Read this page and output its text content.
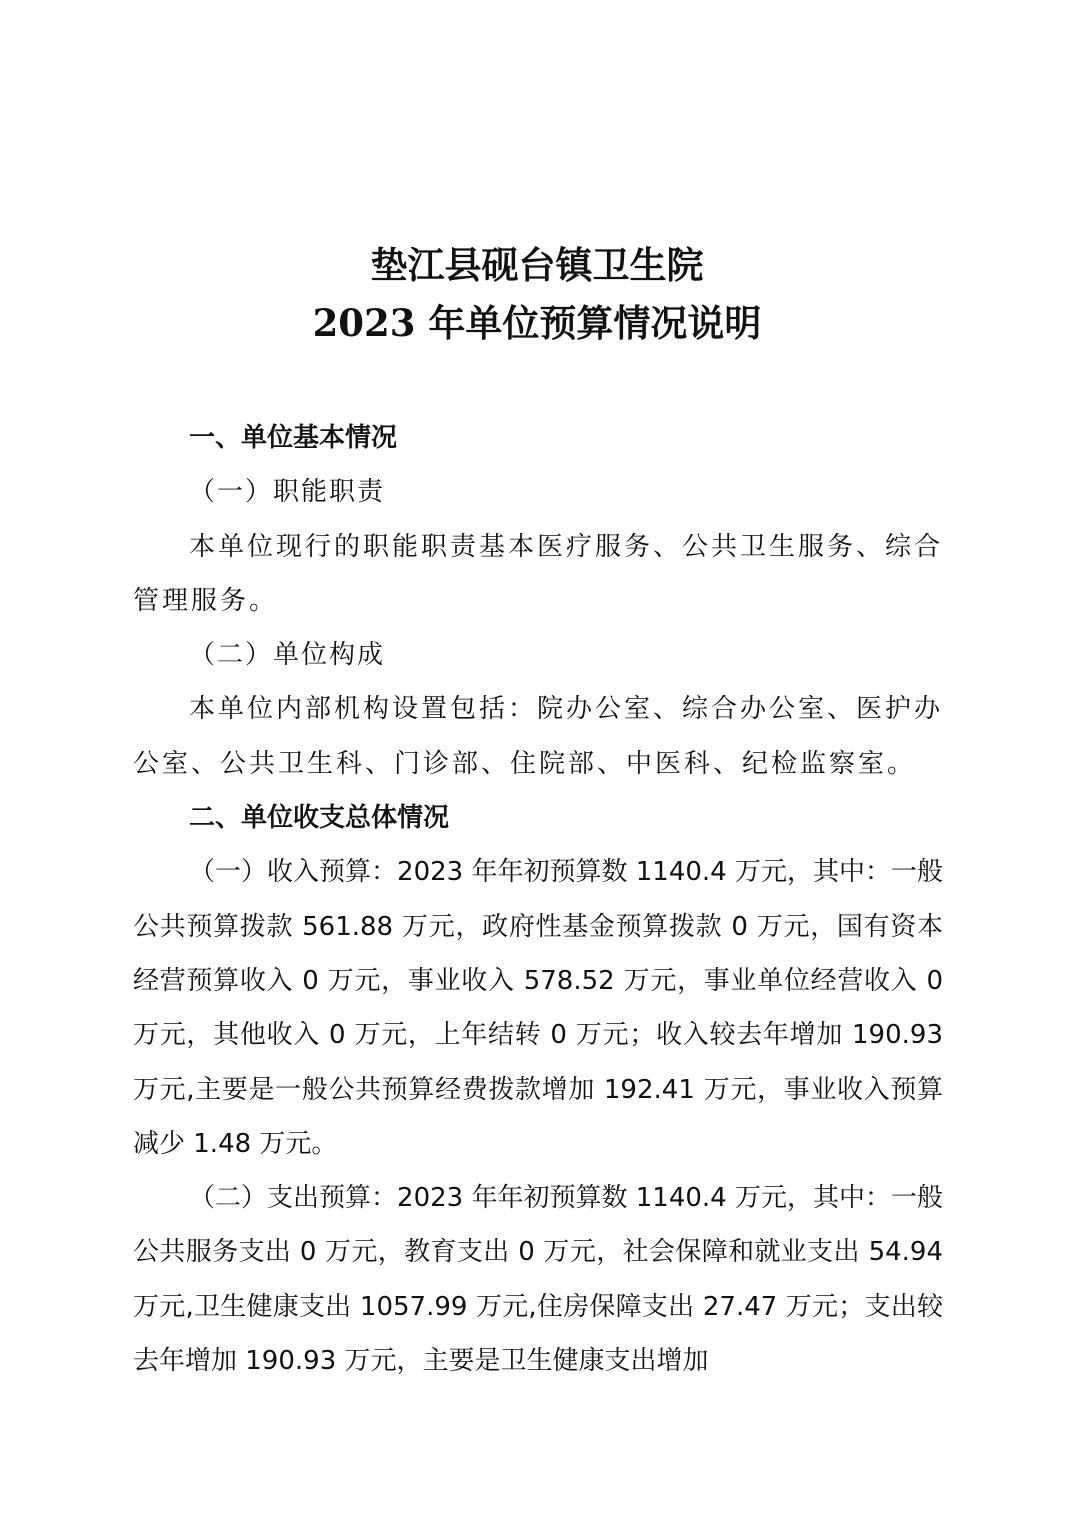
垫江县砚台镇卫生院
2023 年单位预算情况说明

一、单位基本情况

（一）职能职责

本单位现行的职能职责基本医疗服务、公共卫生服务、综合管理服务。

（二）单位构成

本单位内部机构设置包括：院办公室、综合办公室、医护办公室、公共卫生科、门诊部、住院部、中医科、纪检监察室。

二、单位收支总体情况

（一）收入预算：2023 年年初预算数 1140.4 万元，其中：一般公共预算拨款 561.88 万元，政府性基金预算拨款 0 万元，国有资本经营预算收入 0 万元，事业收入 578.52 万元，事业单位经营收入 0 万元，其他收入 0 万元，上年结转 0 万元；收入较去年增加 190.93 万元,主要是一般公共预算经费拨款增加 192.41 万元，事业收入预算减少 1.48 万元。

（二）支出预算：2023 年年初预算数 1140.4 万元，其中：一般公共服务支出 0 万元，教育支出 0 万元，社会保障和就业支出 54.94 万元,卫生健康支出 1057.99 万元,住房保障支出 27.47 万元；支出较去年增加 190.93 万元，主要是卫生健康支出增加
